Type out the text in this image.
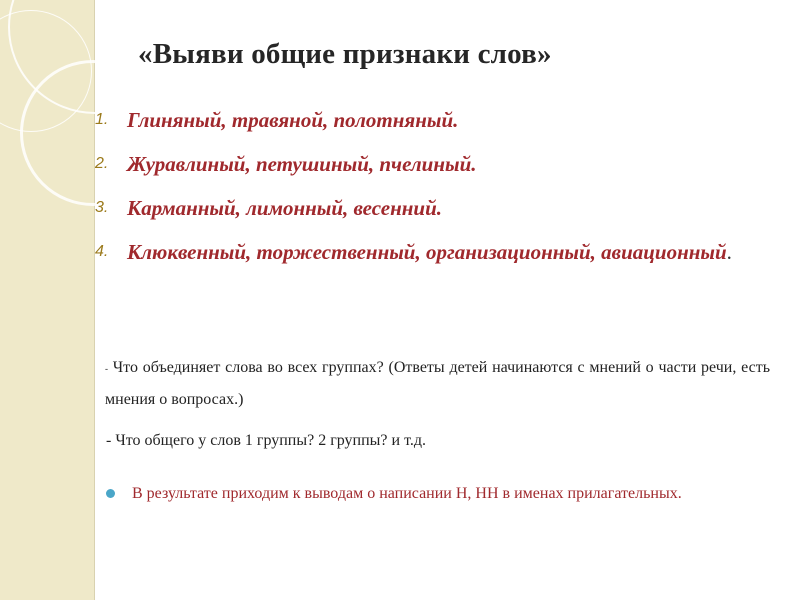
«Выяви общие признаки слов»
1. Глиняный, травяной, полотняный.
2. Журавлиный, петушиный, пчелиный.
3. Карманный, лимонный, весенний.
4. Клюквенный, торжественный, организационный, авиационный.
- Что объединяет слова во всех группах? (Ответы детей начинаются с мнений о части речи, есть мнения о вопросах.)
- Что общего у слов 1 группы? 2 группы? и т.д.
В результате приходим к выводам о написании Н, НН в именах прилагательных.
